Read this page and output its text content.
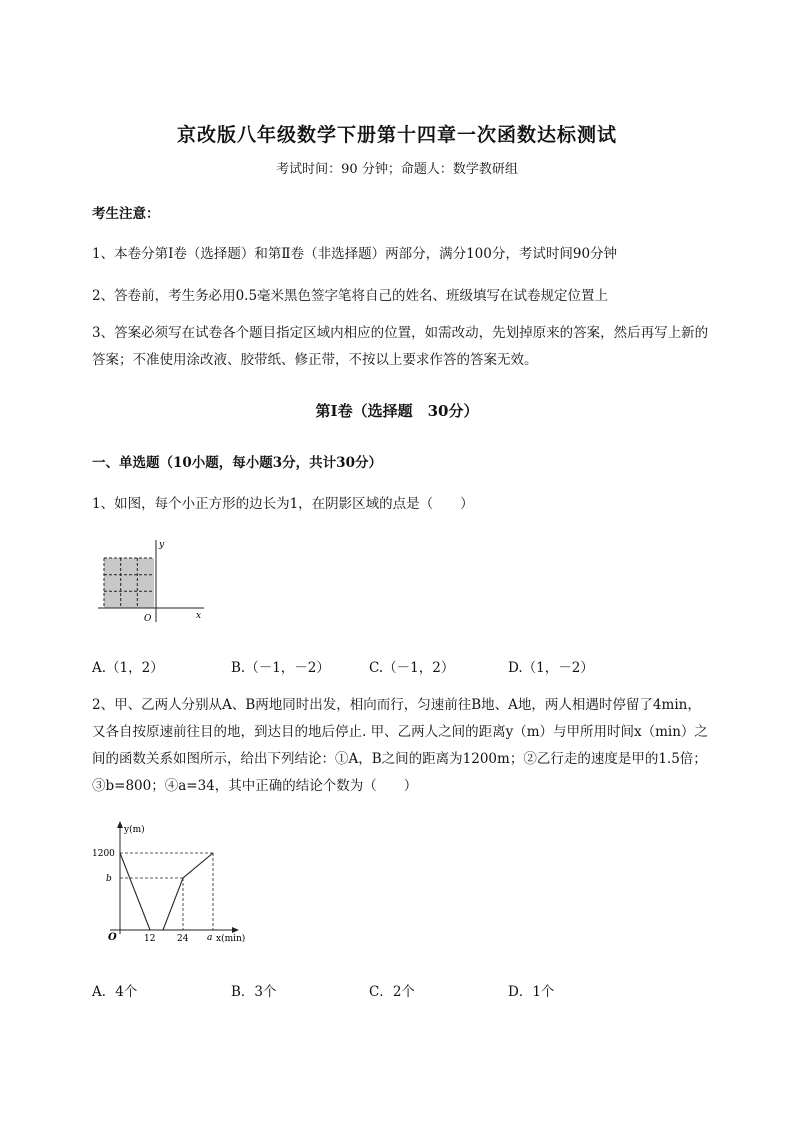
京改版八年级数学下册第十四章一次函数达标测试
考试时间：90 分钟；命题人：数学教研组
考生注意：
1、本卷分第Ⅰ卷（选择题）和第Ⅱ卷（非选择题）两部分，满分100分，考试时间90分钟
2、答卷前，考生务必用0.5毫米黑色签字笔将自己的姓名、班级填写在试卷规定位置上
3、答案必须写在试卷各个题目指定区域内相应的位置，如需改动，先划掉原来的答案，然后再写上新的答案；不准使用涂改液、胶带纸、修正带，不按以上要求作答的答案无效。
第Ⅰ卷（选择题　30分）
一、单选题（10小题，每小题3分，共计30分）
1、如图，每个小正方形的边长为1，在阴影区域的点是（　　）
y
x
O
A.（1，2）	B.（－1，－2）	C.（－1，2）	D.（1，－2）
2、甲、乙两人分别从A、B两地同时出发，相向而行，匀速前往B地、A地，两人相遇时停留了4min，又各自按原速前往目的地，到达目的地后停止. 甲、乙两人之间的距离y（m）与甲所用时间x（min）之间的函数关系如图所示，给出下列结论：①A，B之间的距离为1200m；②乙行走的速度是甲的1.5倍；③b=800；④a=34，其中正确的结论个数为（　　）
y(m)
x(min)
O
1200
b
12 24 a
A．4个	B．3个	C．2个	D．1个
